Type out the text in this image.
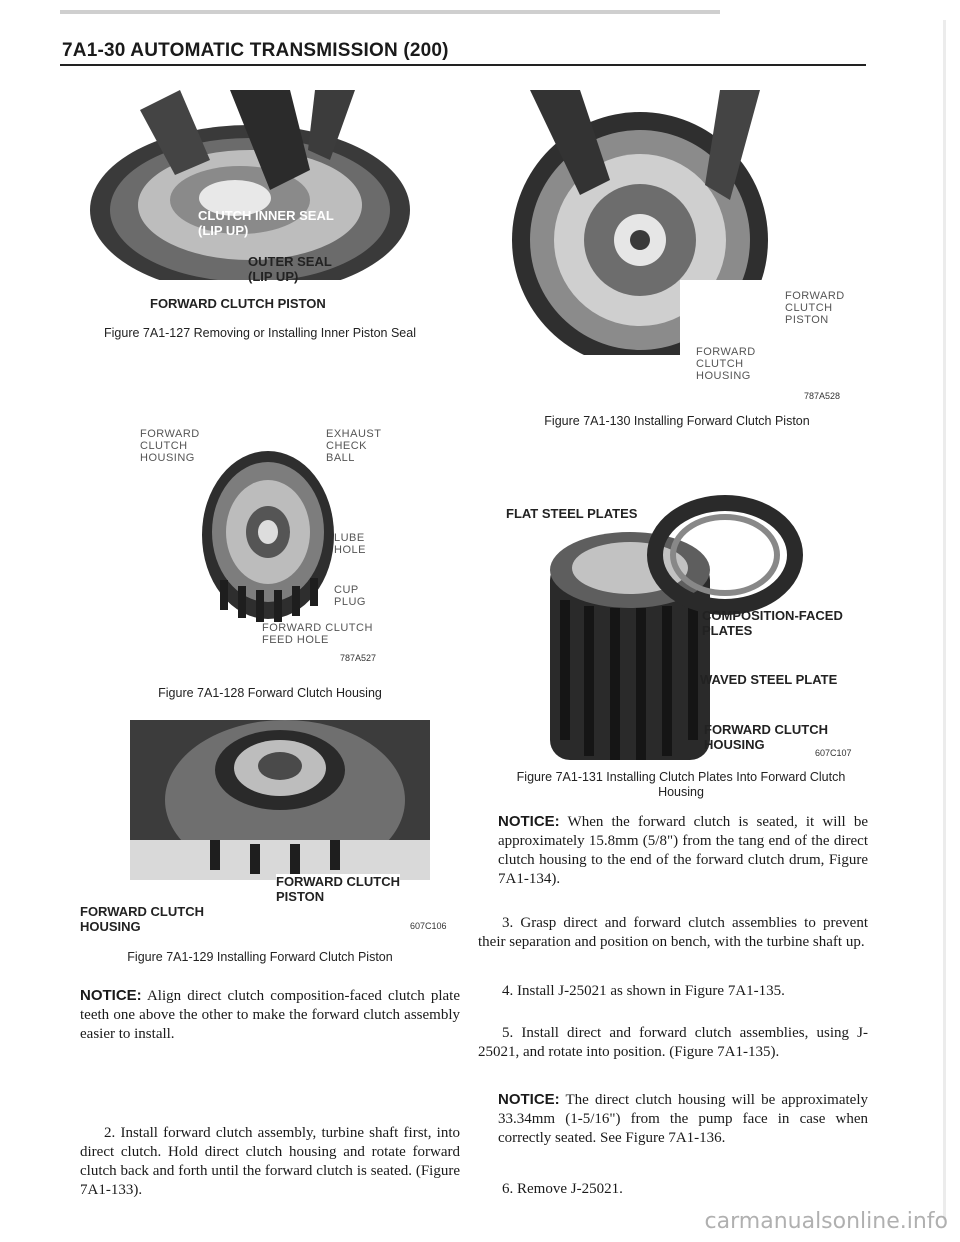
7A1-30 AUTOMATIC TRANSMISSION (200)
CLUTCH INNER SEAL
(LIP UP)
OUTER SEAL
(LIP UP)
FORWARD CLUTCH PISTON
Figure 7A1-127 Removing or Installing Inner Piston Seal
FORWARD
CLUTCH
HOUSING
EXHAUST
CHECK
BALL
LUBE
HOLE
CUP
PLUG
FORWARD CLUTCH
FEED HOLE
787A527
Figure 7A1-128 Forward Clutch Housing
FORWARD CLUTCH
PISTON
FORWARD CLUTCH
HOUSING	607C106
Figure 7A1-129 Installing Forward Clutch Piston
NOTICE: Align direct clutch composition-faced clutch plate teeth one above the other to make the forward clutch assembly easier to install.
2. Install forward clutch assembly, turbine shaft first, into direct clutch. Hold direct clutch housing and rotate forward clutch back and forth until the forward clutch is seated. (Figure 7A1-133).
FORWARD
CLUTCH
PISTON
FORWARD
CLUTCH
HOUSING
787A528
Figure 7A1-130 Installing Forward Clutch Piston
FLAT STEEL PLATES
COMPOSITION-FACED
PLATES
WAVED STEEL PLATE
FORWARD CLUTCH
HOUSING
607C107
Figure 7A1-131 Installing Clutch Plates Into Forward Clutch
Housing
NOTICE: When the forward clutch is seated, it will be approximately 15.8mm (5/8") from the tang end of the direct clutch housing to the end of the forward clutch drum, Figure 7A1-134).
3. Grasp direct and forward clutch assemblies to prevent their separation and position on bench, with the turbine shaft up.
4. Install J-25021 as shown in Figure 7A1-135.
5. Install direct and forward clutch assemblies, using J-25021, and rotate into position. (Figure 7A1-135).
NOTICE: The direct clutch housing will be approximately 33.34mm (1-5/16") from the pump face in case when correctly seated. See Figure 7A1-136.
6. Remove J-25021.
carmanualsonline.info
